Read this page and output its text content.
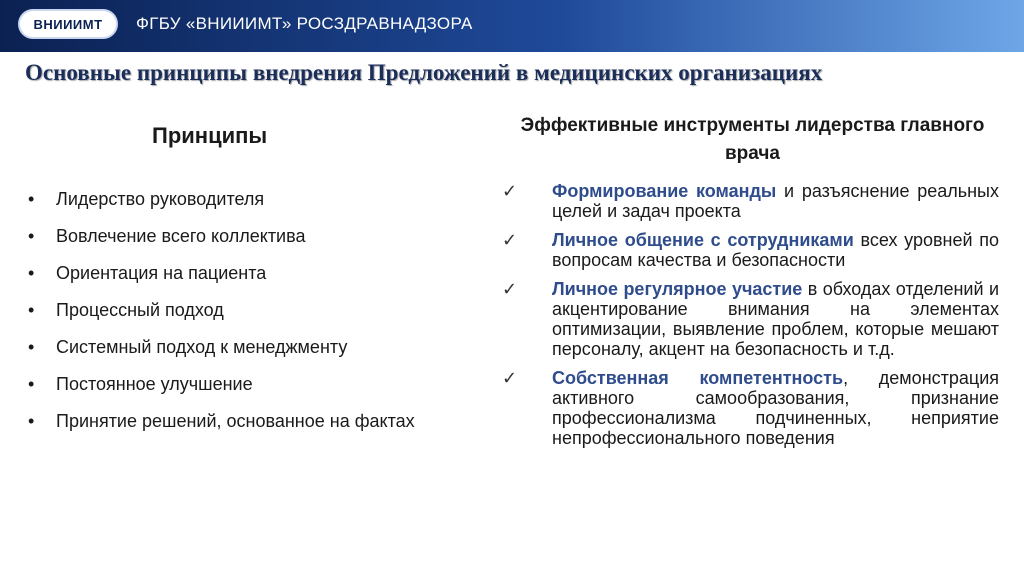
ВНИИИМТ ФГБУ «ВНИИИМТ» РОСЗДРАВНАДЗОРА
Основные принципы внедрения Предложений в медицинских организациях
Принципы
• Лидерство руководителя
• Вовлечение всего коллектива
• Ориентация на пациента
• Процессный подход
• Системный подход к менеджменту
• Постоянное улучшение
• Принятие решений, основанное на фактах
Эффективные инструменты лидерства главного врача
✓ Формирование команды и разъяснение реальных целей и задач проекта
✓ Личное общение с сотрудниками всех уровней по вопросам качества и безопасности
✓ Личное регулярное участие в обходах отделений и акцентирование внимания на элементах оптимизации, выявление проблем, которые мешают персоналу, акцент на безопасность и т.д.
✓ Собственная компетентность, демонстрация активного самообразования, признание профессионализма подчиненных, неприятие непрофессионального поведения
